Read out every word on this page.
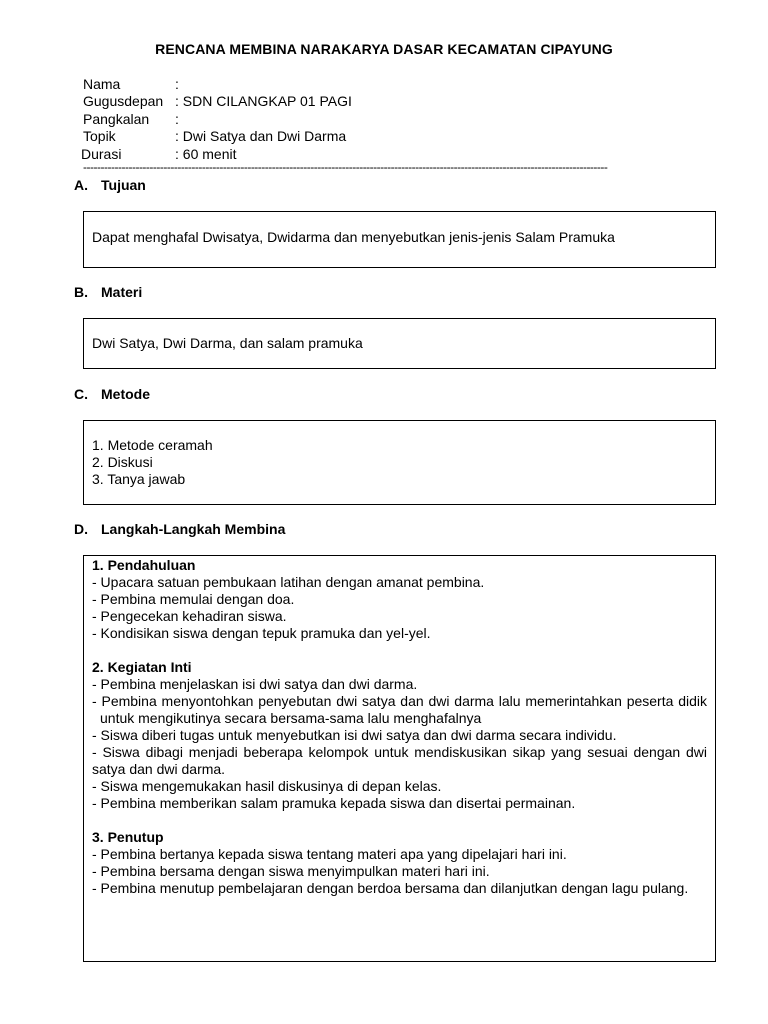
RENCANA MEMBINA NARAKARYA DASAR KECAMATAN CIPAYUNG
Nama	:
Gugusdepan : SDN CILANGKAP 01 PAGI
Pangkalan	:
Topik	: Dwi Satya dan Dwi Darma
Durasi	: 60 menit
------------------------------------------------------------------------------------------------------------------------------------------------------
A. Tujuan
Dapat menghafal Dwisatya, Dwidarma dan menyebutkan jenis-jenis Salam Pramuka
B. Materi
Dwi Satya, Dwi Darma, dan salam pramuka
C. Metode
1. Metode ceramah
2. Diskusi
3. Tanya jawab
D. Langkah-Langkah Membina
1. Pendahuluan
- Upacara satuan pembukaan latihan dengan amanat pembina.
- Pembina memulai dengan doa.
- Pengecekan kehadiran siswa.
- Kondisikan siswa dengan tepuk pramuka dan yel-yel.
2. Kegiatan Inti
- Pembina menjelaskan isi dwi satya dan dwi darma.
- Pembina menyontohkan penyebutan dwi satya dan dwi darma lalu memerintahkan peserta didik untuk mengikutinya secara bersama-sama lalu menghafalnya
- Siswa diberi tugas untuk menyebutkan isi dwi satya dan dwi darma secara individu.
- Siswa dibagi menjadi beberapa kelompok untuk mendiskusikan sikap yang sesuai dengan dwi satya dan dwi darma.
- Siswa mengemukakan hasil diskusinya di depan kelas.
- Pembina memberikan salam pramuka kepada siswa dan disertai permainan.
3. Penutup
- Pembina bertanya kepada siswa tentang materi apa yang dipelajari hari ini.
- Pembina bersama dengan siswa menyimpulkan materi hari ini.
- Pembina menutup pembelajaran dengan berdoa bersama dan dilanjutkan dengan lagu pulang.
